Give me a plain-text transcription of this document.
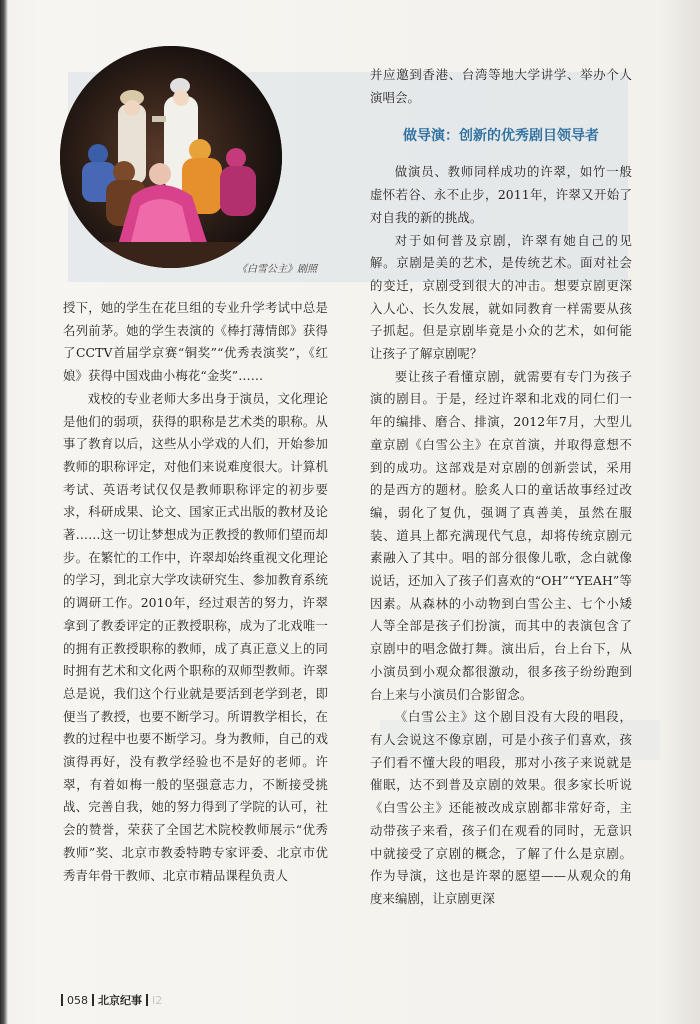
《白雪公主》剧照

授下，她的学生在花旦组的专业升学考试中总是名列前茅。她的学生表演的《棒打薄情郎》获得了CCTV首届学京赛“铜奖”“优秀表演奖”，《红娘》获得中国戏曲小梅花“金奖”……

戏校的专业老师大多出身于演员，文化理论是他们的弱项，获得的职称是艺术类的职称。从事了教育以后，这些从小学戏的人们，开始参加教师的职称评定，对他们来说难度很大。计算机考试、英语考试仅仅是教师职称评定的初步要求，科研成果、论文、国家正式出版的教材及论著……这一切让梦想成为正教授的教师们望而却步。在繁忙的工作中，许翠却始终重视文化理论的学习，到北京大学攻读研究生、参加教育系统的调研工作。2010年，经过艰苦的努力，许翠拿到了教委评定的正教授职称，成为了北戏唯一的拥有正教授职称的教师，成了真正意义上的同时拥有艺术和文化两个职称的双师型教师。许翠总是说，我们这个行业就是要活到老学到老，即便当了教授，也要不断学习。所谓教学相长，在教的过程中也要不断学习。身为教师，自己的戏演得再好，没有教学经验也不是好的老师。许翠，有着如梅一般的坚强意志力，不断接受挑战、完善自我，她的努力得到了学院的认可，社会的赞誉，荣获了全国艺术院校教师展示“优秀教师”奖、北京市教委特聘专家评委、北京市优秀青年骨干教师、北京市精品课程负责人

并应邀到香港、台湾等地大学讲学、举办个人演唱会。

做导演：创新的优秀剧目领导者

做演员、教师同样成功的许翠，如竹一般虚怀若谷、永不止步，2011年，许翠又开始了对自我的新的挑战。

对于如何普及京剧，许翠有她自己的见解。京剧是美的艺术，是传统艺术。面对社会的变迁，京剧受到很大的冲击。想要京剧更深入人心、长久发展，就如同教育一样需要从孩子抓起。但是京剧毕竟是小众的艺术，如何能让孩子了解京剧呢？

要让孩子看懂京剧，就需要有专门为孩子演的剧目。于是，经过许翠和北戏的同仁们一年的编排、磨合、排演，2012年7月，大型儿童京剧《白雪公主》在京首演，并取得意想不到的成功。这部戏是对京剧的创新尝试，采用的是西方的题材。脍炙人口的童话故事经过改编，弱化了复仇，强调了真善美，虽然在服装、道具上都充满现代气息，却将传统京剧元素融入了其中。唱的部分很像儿歌，念白就像说话，还加入了孩子们喜欢的“OH”“YEAH”等因素。从森林的小动物到白雪公主、七个小矮人等全部是孩子们扮演，而其中的表演包含了京剧中的唱念做打舞。演出后，台上台下，从小演员到小观众都很激动，很多孩子纷纷跑到台上来与小演员们合影留念。

《白雪公主》这个剧目没有大段的唱段，有人会说这不像京剧，可是小孩子们喜欢，孩子们看不懂大段的唱段，那对小孩子来说就是催眠，达不到普及京剧的效果。很多家长听说《白雪公主》还能被改成京剧都非常好奇，主动带孩子来看，孩子们在观看的同时，无意识中就接受了京剧的概念，了解了什么是京剧。作为导演，这也是许翠的愿望——从观众的角度来编剧，让京剧更深

058 北京纪事 I2
